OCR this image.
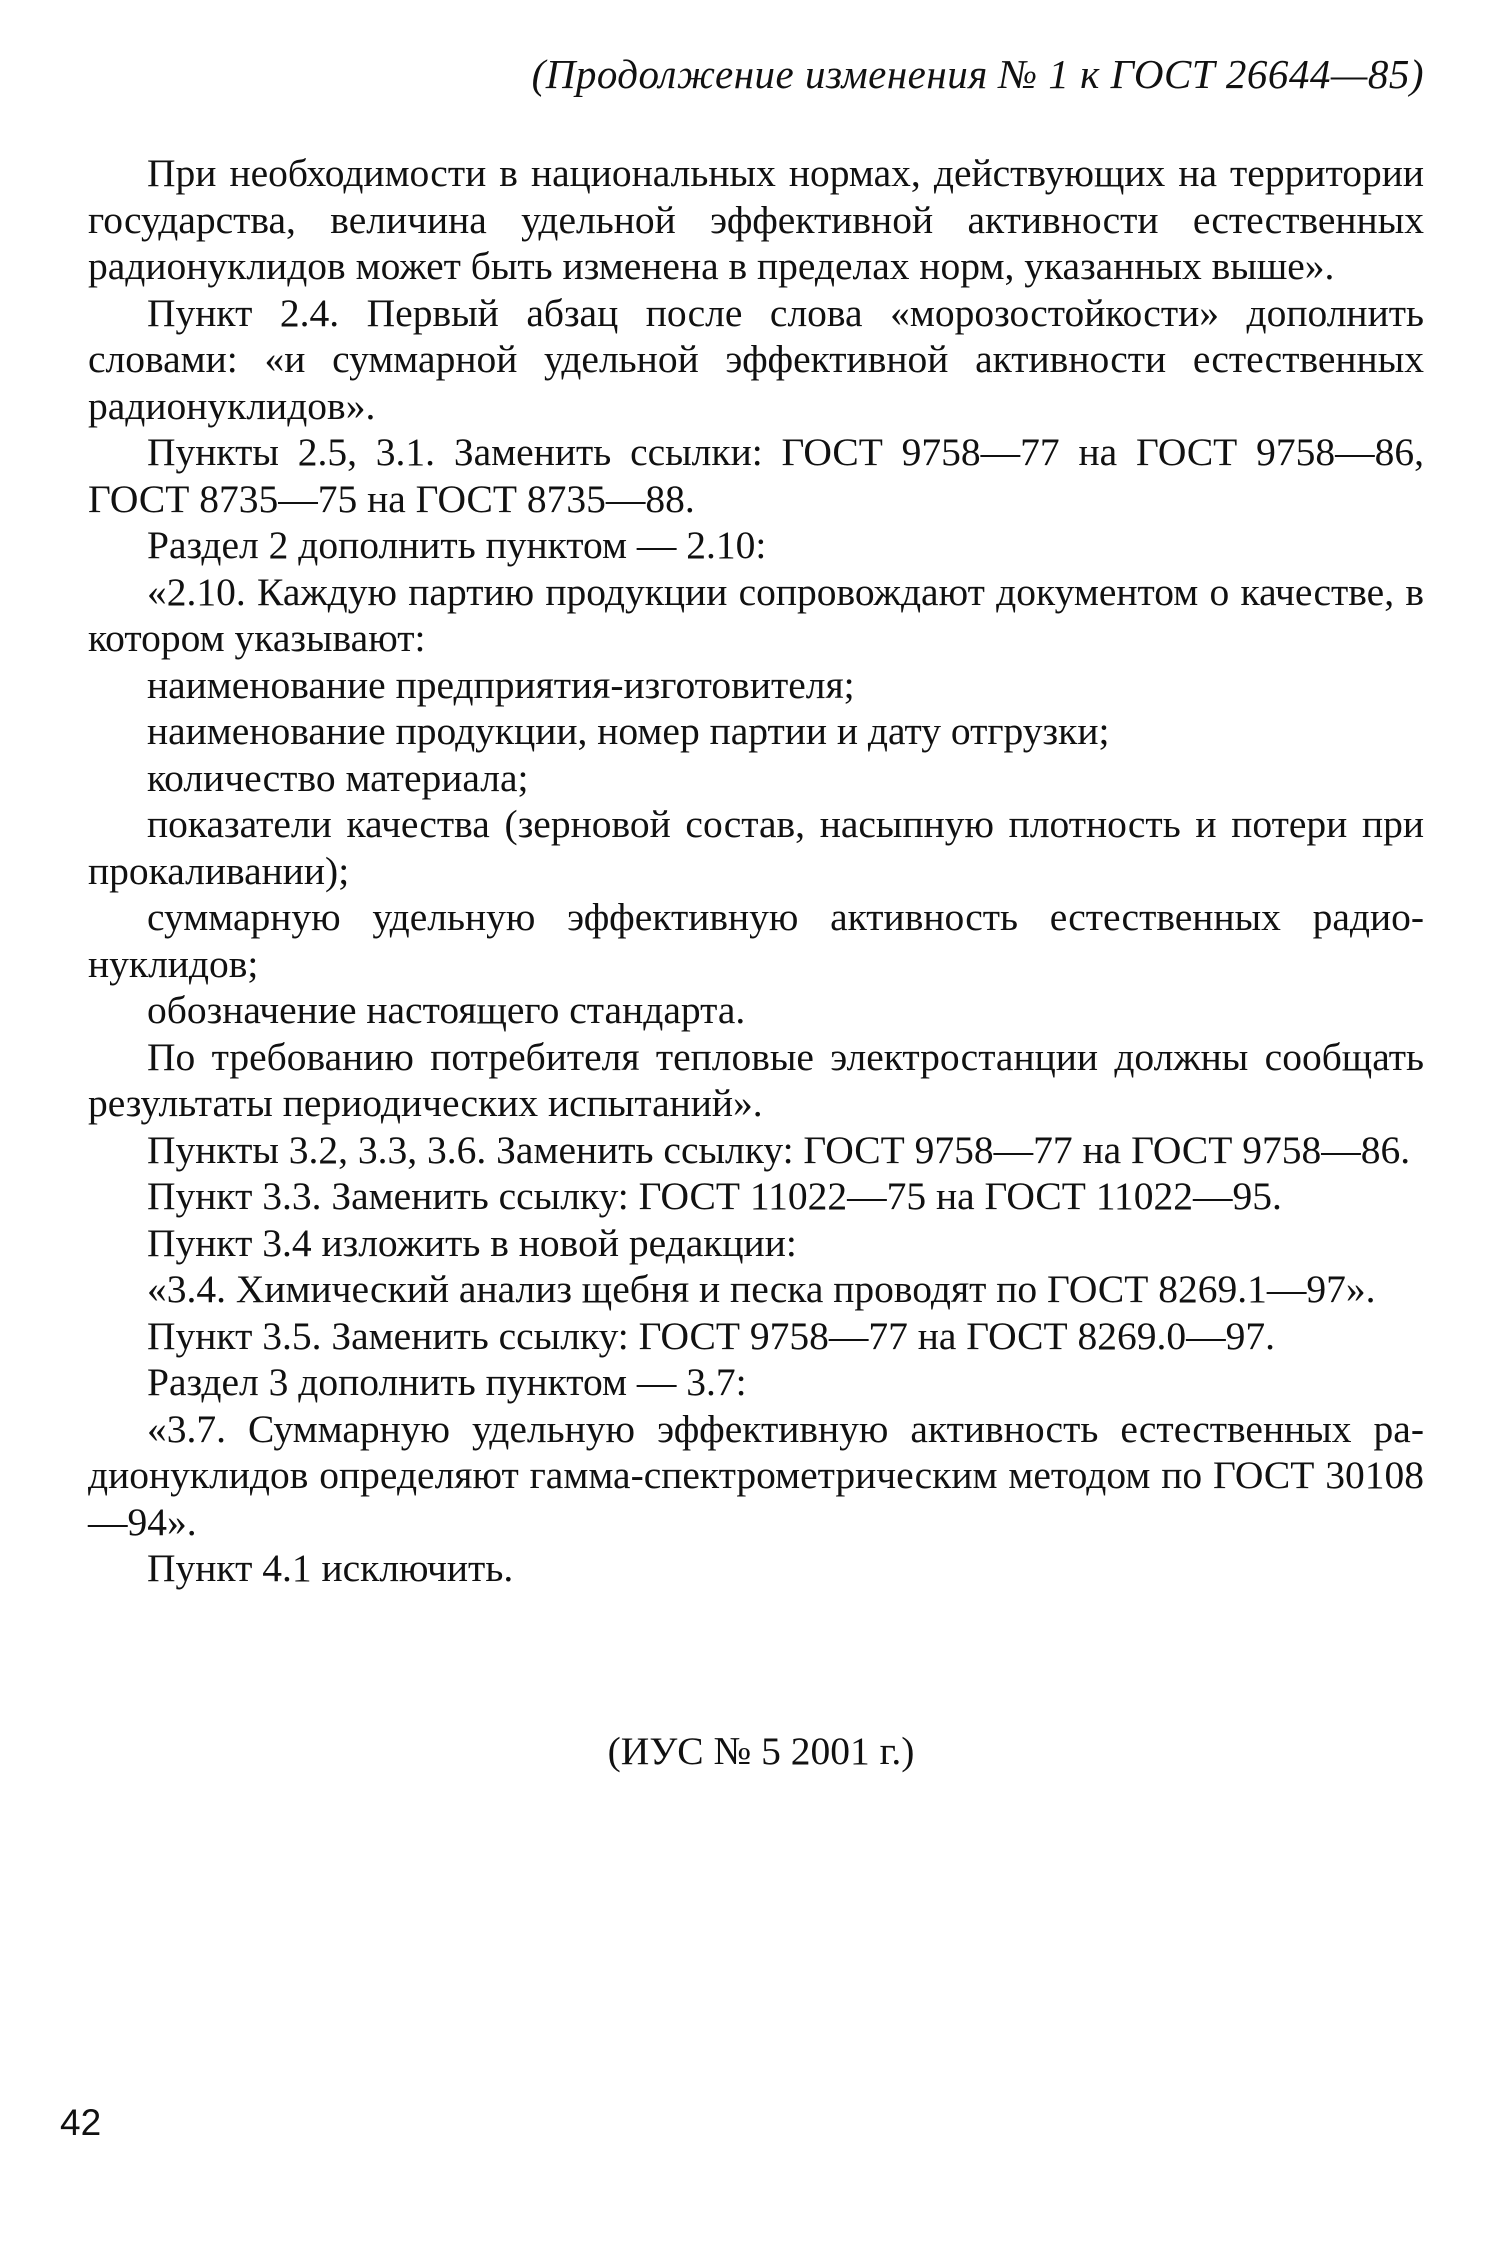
(Продолжение изменения № 1 к ГОСТ 26644—85)

При необходимости в национальных нормах, действующих на территории государства, величина удельной эффективной активности естественных радионуклидов может быть изменена в пределах норм, указанных выше».

Пункт 2.4. Первый абзац после слова «морозостойкости» дополнить словами: «и суммарной удельной эффективной активности естественных радионуклидов».

Пункты 2.5, 3.1. Заменить ссылки: ГОСТ 9758—77 на ГОСТ 9758—86, ГОСТ 8735—75 на ГОСТ 8735—88.

Раздел 2 дополнить пунктом — 2.10:

«2.10. Каждую партию продукции сопровождают документом о качестве, в котором указывают:

наименование предприятия-изготовителя;

наименование продукции, номер партии и дату отгрузки;

количество материала;

показатели качества (зерновой состав, насыпную плотность и потери при прокаливании);

суммарную удельную эффективную активность естественных радионуклидов;

обозначение настоящего стандарта.

По требованию потребителя тепловые электростанции должны сообщать результаты периодических испытаний».

Пункты 3.2, 3.3, 3.6. Заменить ссылку: ГОСТ 9758—77 на ГОСТ 9758—86.

Пункт 3.3. Заменить ссылку: ГОСТ 11022—75 на ГОСТ 11022—95.

Пункт 3.4 изложить в новой редакции:

«3.4. Химический анализ щебня и песка проводят по ГОСТ 8269.1—97».

Пункт 3.5. Заменить ссылку: ГОСТ 9758—77 на ГОСТ 8269.0—97.

Раздел 3 дополнить пунктом — 3.7:

«3.7. Суммарную удельную эффективную активность естественных радионуклидов определяют гамма-спектрометрическим методом по ГОСТ 30108—94».

Пункт 4.1 исключить.

(ИУС № 5 2001 г.)
42
